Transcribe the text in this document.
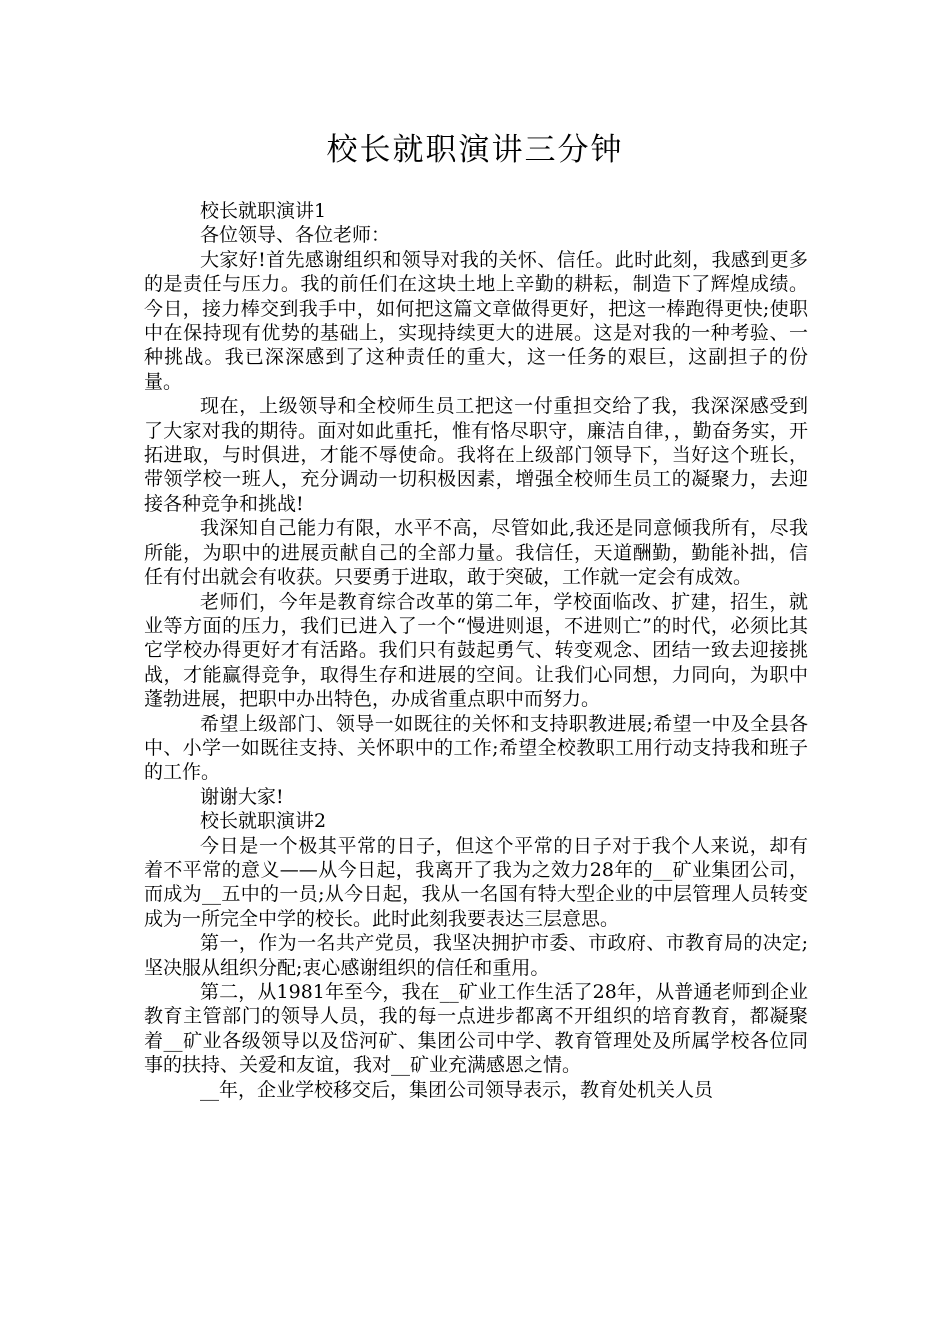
校长就职演讲三分钟

校长就职演讲1

各位领导、各位老师：

大家好!首先感谢组织和领导对我的关怀、信任。此时此刻，我感到更多的是责任与压力。我的前任们在这块土地上辛勤的耕耘，制造下了辉煌成绩。今日，接力棒交到我手中，如何把这篇文章做得更好，把这一棒跑得更快;使职中在保持现有优势的基础上，实现持续更大的进展。这是对我的一种考验、一种挑战。我已深深感到了这种责任的重大，这一任务的艰巨，这副担子的份量。

现在，上级领导和全校师生员工把这一付重担交给了我，我深深感受到了大家对我的期待。面对如此重托，惟有恪尽职守，廉洁自律，，勤奋务实，开拓进取，与时俱进，才能不辱使命。我将在上级部门领导下，当好这个班长，带领学校一班人，充分调动一切积极因素，增强全校师生员工的凝聚力，去迎接各种竞争和挑战!

我深知自己能力有限，水平不高，尽管如此,我还是同意倾我所有，尽我所能，为职中的进展贡献自己的全部力量。我信任，天道酬勤，勤能补拙，信任有付出就会有收获。只要勇于进取，敢于突破，工作就一定会有成效。

老师们，今年是教育综合改革的第二年，学校面临改、扩建，招生，就业等方面的压力，我们已进入了一个“慢进则退，不进则亡”的时代，必须比其它学校办得更好才有活路。我们只有鼓起勇气、转变观念、团结一致去迎接挑战，才能赢得竞争，取得生存和进展的空间。让我们心同想，力同向，为职中蓬勃进展，把职中办出特色，办成省重点职中而努力。

希望上级部门、领导一如既往的关怀和支持职教进展;希望一中及全县各中、小学一如既往支持、关怀职中的工作;希望全校教职工用行动支持我和班子的工作。

谢谢大家!

校长就职演讲2

今日是一个极其平常的日子，但这个平常的日子对于我个人来说，却有着不平常的意义——从今日起，我离开了我为之效力28年的__矿业集团公司，而成为__五中的一员;从今日起，我从一名国有特大型企业的中层管理人员转变成为一所完全中学的校长。此时此刻我要表达三层意思。

第一，作为一名共产党员，我坚决拥护市委、市政府、市教育局的决定;坚决服从组织分配;衷心感谢组织的信任和重用。

第二，从1981年至今，我在__矿业工作生活了28年，从普通老师到企业教育主管部门的领导人员，我的每一点进步都离不开组织的培育教育，都凝聚着__矿业各级领导以及岱河矿、集团公司中学、教育管理处及所属学校各位同事的扶持、关爱和友谊，我对__矿业充满感恩之情。

__年，企业学校移交后，集团公司领导表示，教育处机关人员
